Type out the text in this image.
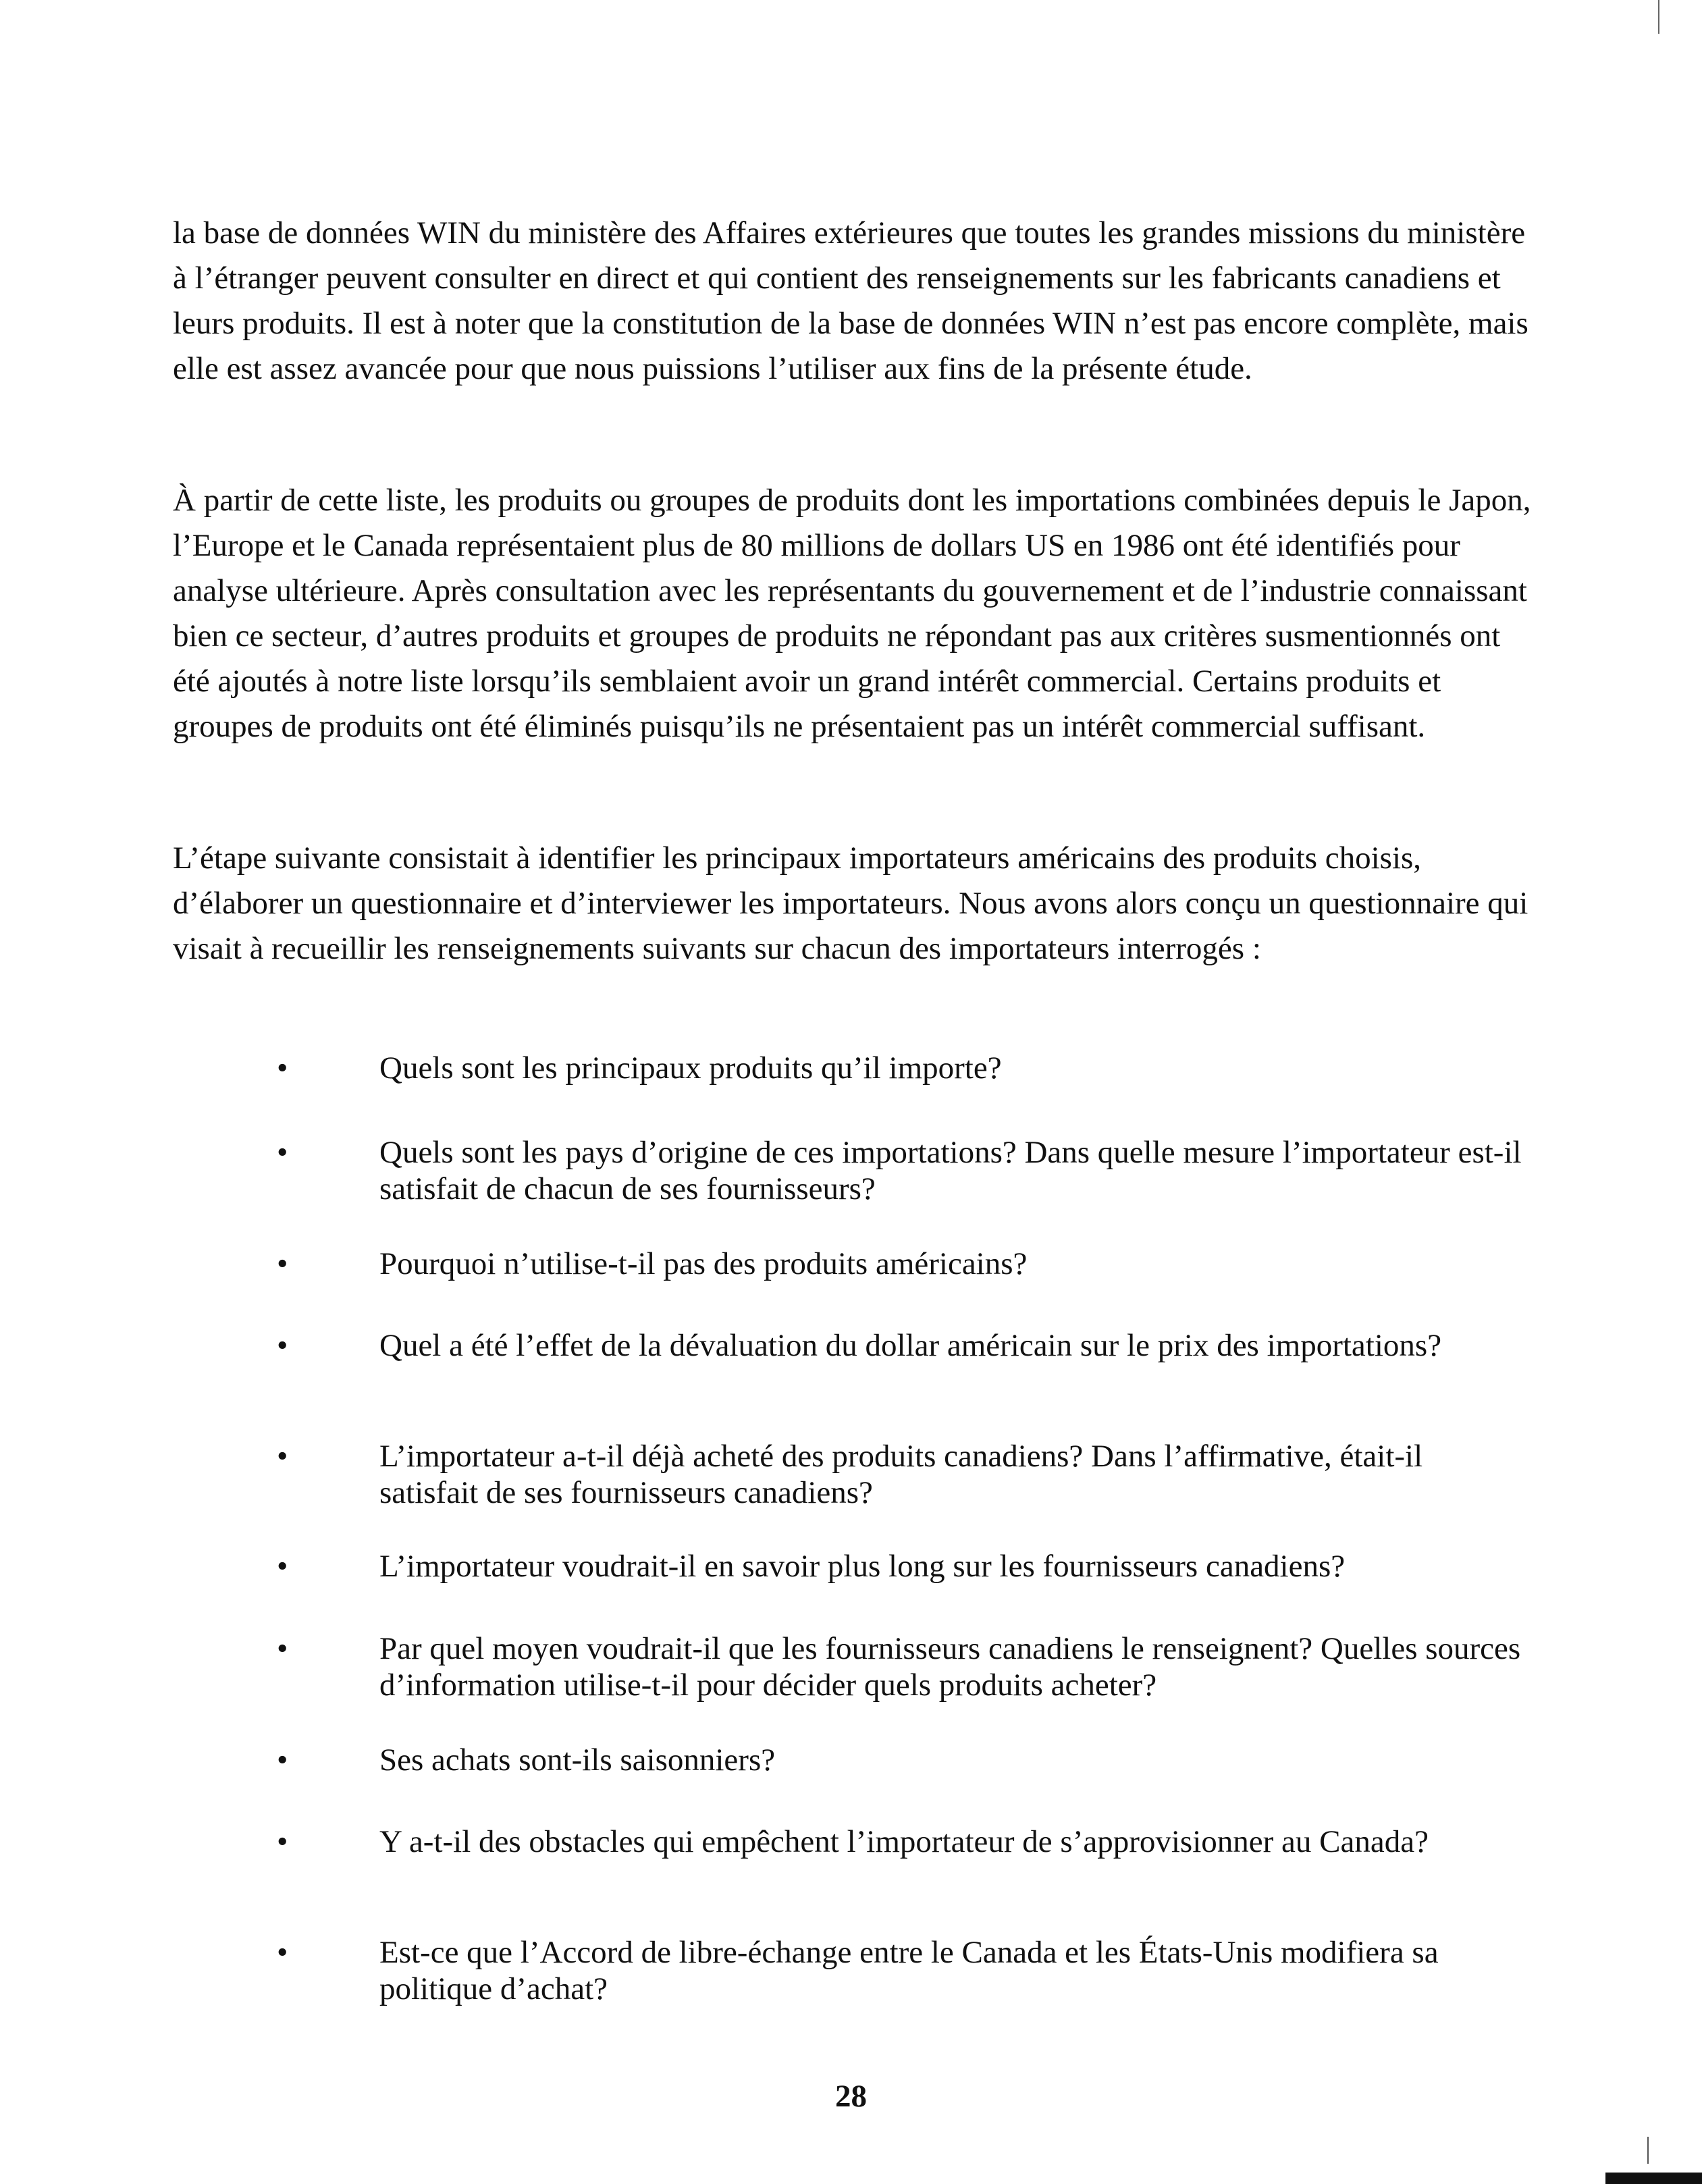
la base de données WIN du ministère des Affaires extérieures que toutes les grandes missions du ministère à l’étranger peuvent consulter en direct et qui contient des renseignements sur les fabricants canadiens et leurs produits. Il est à noter que la constitution de la base de données WIN n’est pas encore complète, mais elle est assez avancée pour que nous puissions l’utiliser aux fins de la présente étude.

À partir de cette liste, les produits ou groupes de produits dont les importations combinées depuis le Japon, l’Europe et le Canada représentaient plus de 80 millions de dollars US en 1986 ont été identifiés pour analyse ultérieure. Après consultation avec les représentants du gouvernement et de l’industrie connaissant bien ce secteur, d’autres produits et groupes de produits ne répondant pas aux critères susmentionnés ont été ajoutés à notre liste lorsqu’ils semblaient avoir un grand intérêt commercial. Certains produits et groupes de produits ont été éliminés puisqu’ils ne présentaient pas un intérêt commercial suffisant.

L’étape suivante consistait à identifier les principaux importateurs américains des produits choisis, d’élaborer un questionnaire et d’interviewer les importateurs. Nous avons alors conçu un questionnaire qui visait à recueillir les renseignements suivants sur chacun des importateurs interrogés :

•	Quels sont les principaux produits qu’il importe?
•	Quels sont les pays d’origine de ces importations? Dans quelle mesure l’importateur est-il satisfait de chacun de ses fournisseurs?
•	Pourquoi n’utilise-t-il pas des produits américains?
•	Quel a été l’effet de la dévaluation du dollar américain sur le prix des importations?
•	L’importateur a-t-il déjà acheté des produits canadiens? Dans l’affirmative, était-il satisfait de ses fournisseurs canadiens?
•	L’importateur voudrait-il en savoir plus long sur les fournisseurs canadiens?
•	Par quel moyen voudrait-il que les fournisseurs canadiens le renseignent? Quelles sources d’information utilise-t-il pour décider quels produits acheter?
•	Ses achats sont-ils saisonniers?
•	Y a-t-il des obstacles qui empêchent l’importateur de s’approvisionner au Canada?
•	Est-ce que l’Accord de libre-échange entre le Canada et les États-Unis modifiera sa politique d’achat?
28
